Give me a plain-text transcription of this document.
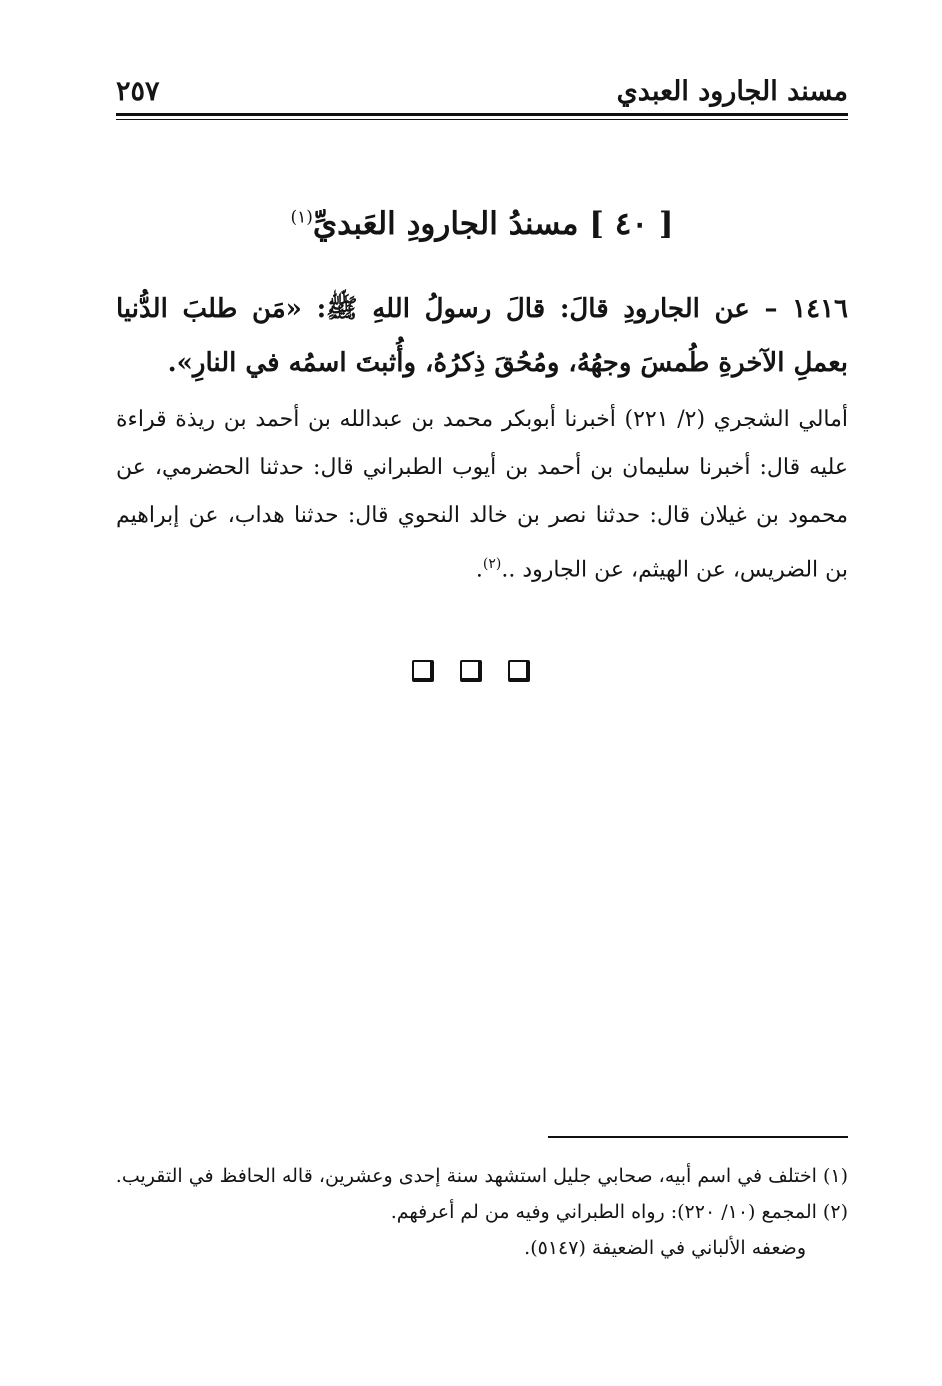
مسند الجارود العبدي
٢٥٧
[ ٤٠ ] مسندُ الجارودِ العَبديِّ$^{(١)}$
١٤١٦ – عن الجارودِ قالَ: قالَ رسولُ اللهِ ﷺ: «مَن طلبَ الدُّنيا بعملِ الآخرةِ طُمسَ وجهُهُ، ومُحُقَ ذِكرُهُ، وأُثبتَ اسمُه في النارِ».
أمالي الشجري (٢/ ٢٢١) أخبرنا أبوبكر محمد بن عبدالله بن أحمد بن ريذة قراءة عليه قال: أخبرنا سليمان بن أحمد بن أيوب الطبراني قال: حدثنا الحضرمي، عن محمود بن غيلان قال: حدثنا نصر بن خالد النحوي قال: حدثنا هداب، عن إبراهيم بن الضريس، عن الهيثم، عن الجارود ..$^{(٢)}$.
(١) اختلف في اسم أبيه، صحابي جليل استشهد سنة إحدى وعشرين، قاله الحافظ في التقريب.
(٢) المجمع (١٠/ ٢٢٠): رواه الطبراني وفيه من لم أعرفهم.
وضعفه الألباني في الضعيفة (٥١٤٧).
